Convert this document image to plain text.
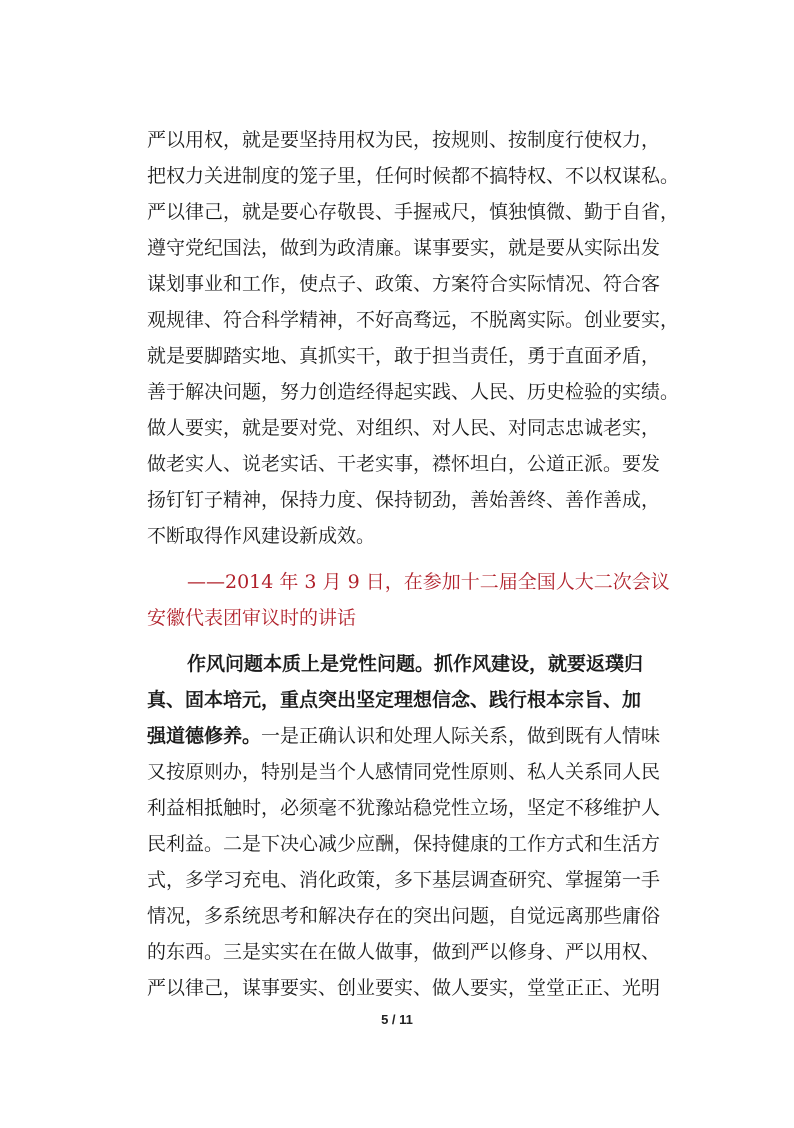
严以用权，就是要坚持用权为民，按规则、按制度行使权力，
把权力关进制度的笼子里，任何时候都不搞特权、不以权谋私。
严以律己，就是要心存敬畏、手握戒尺，慎独慎微、勤于自省，
遵守党纪国法，做到为政清廉。谋事要实，就是要从实际出发
谋划事业和工作，使点子、政策、方案符合实际情况、符合客
观规律、符合科学精神，不好高骛远，不脱离实际。创业要实，
就是要脚踏实地、真抓实干，敢于担当责任，勇于直面矛盾，
善于解决问题，努力创造经得起实践、人民、历史检验的实绩。
做人要实，就是要对党、对组织、对人民、对同志忠诚老实，
做老实人、说老实话、干老实事，襟怀坦白，公道正派。要发
扬钉钉子精神，保持力度、保持韧劲，善始善终、善作善成，
不断取得作风建设新成效。
——2014 年 3 月 9 日，在参加十二届全国人大二次会议
安徽代表团审议时的讲话
作风问题本质上是党性问题。抓作风建设，就要返璞归
真、固本培元，重点突出坚定理想信念、践行根本宗旨、加
强道德修养。一是正确认识和处理人际关系，做到既有人情味
又按原则办，特别是当个人感情同党性原则、私人关系同人民
利益相抵触时，必须毫不犹豫站稳党性立场，坚定不移维护人
民利益。二是下决心减少应酬，保持健康的工作方式和生活方
式，多学习充电、消化政策，多下基层调查研究、掌握第一手
情况，多系统思考和解决存在的突出问题，自觉远离那些庸俗
的东西。三是实实在在做人做事，做到严以修身、严以用权、
严以律己，谋事要实、创业要实、做人要实，堂堂正正、光明
5 / 11
